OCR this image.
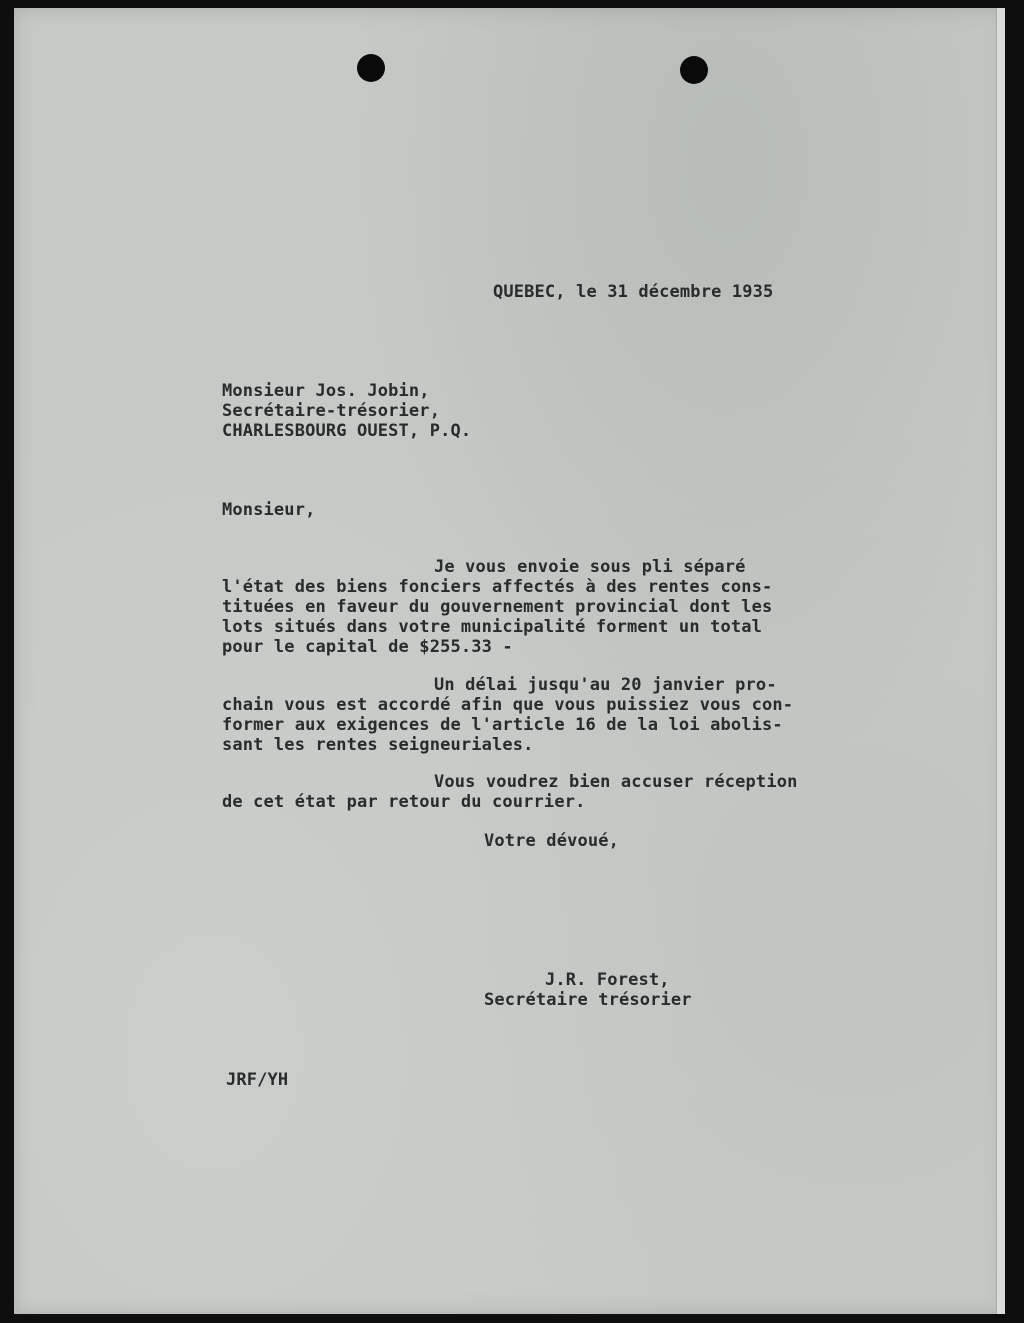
QUEBEC, le 31 décembre 1935

Monsieur Jos. Jobin,
Secrétaire-trésorier,
CHARLESBOURG OUEST, P.Q.

Monsieur,

Je vous envoie sous pli séparé

l'état des biens fonciers affectés à des rentes cons-
tituées en faveur du gouvernement provincial dont les
lots situés dans votre municipalité forment un total
pour le capital de $255.33 -

Un délai jusqu'au 20 janvier pro-

chain vous est accordé afin que vous puissiez vous con-
former aux exigences de l'article 16 de la loi abolis-
sant les rentes seigneuriales.

Vous voudrez bien accuser réception

de cet état par retour du courrier.

Votre dévoué,

J.R. Forest,

Secrétaire trésorier

JRF/YH
